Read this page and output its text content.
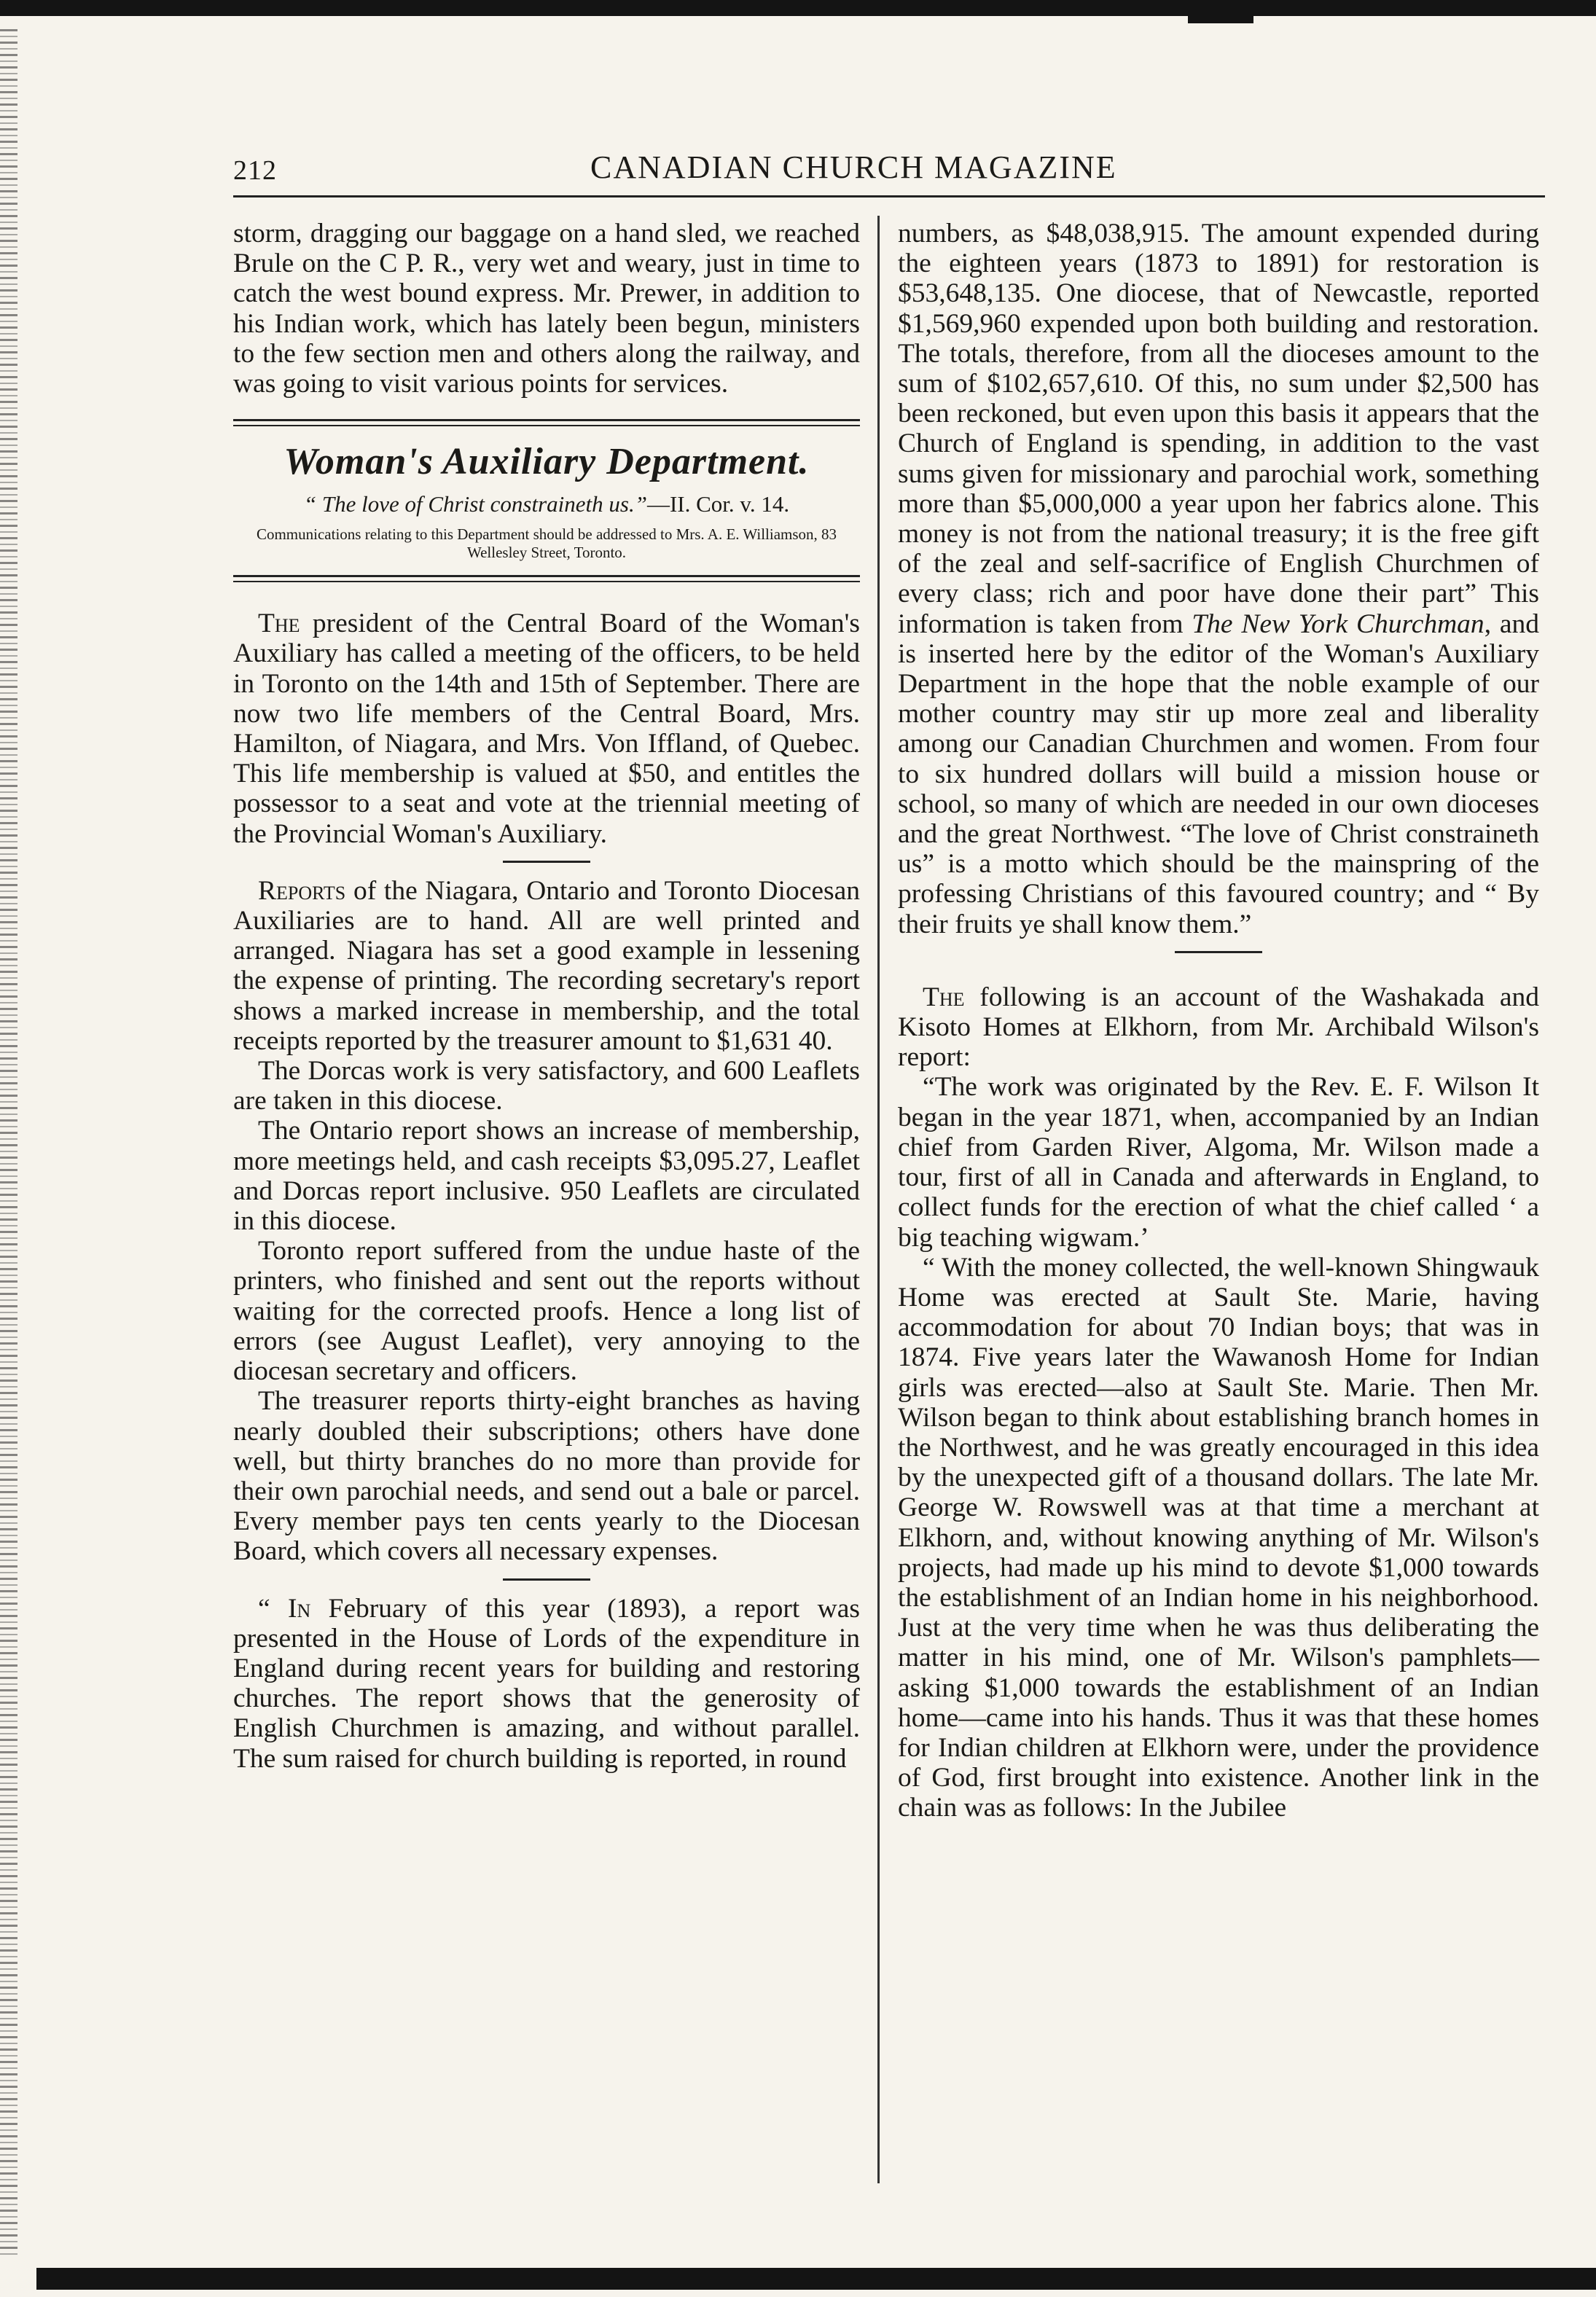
212	CANADIAN CHURCH MAGAZINE

storm, dragging our baggage on a hand sled, we reached Brule on the C P. R., very wet and weary, just in time to catch the west bound express. Mr. Prewer, in addition to his Indian work, which has lately been begun, ministers to the few section men and others along the railway, and was going to visit various points for services.

Woman's Auxiliary Department.
“ The love of Christ constraineth us.”—II. Cor. v. 14.
Communications relating to this Department should be addressed to Mrs. A. E. Williamson, 83 Wellesley Street, Toronto.

The president of the Central Board of the Woman's Auxiliary has called a meeting of the officers, to be held in Toronto on the 14th and 15th of September. There are now two life members of the Central Board, Mrs. Hamilton, of Niagara, and Mrs. Von Iffland, of Quebec. This life membership is valued at $50, and entitles the possessor to a seat and vote at the triennial meeting of the Provincial Woman's Auxiliary.

Reports of the Niagara, Ontario and Toronto Diocesan Auxiliaries are to hand. All are well printed and arranged. Niagara has set a good example in lessening the expense of printing. The recording secretary's report shows a marked increase in membership, and the total receipts reported by the treasurer amount to $1,631 40.

The Dorcas work is very satisfactory, and 600 Leaflets are taken in this diocese.

The Ontario report shows an increase of membership, more meetings held, and cash receipts $3,095.27, Leaflet and Dorcas report inclusive. 950 Leaflets are circulated in this diocese.

Toronto report suffered from the undue haste of the printers, who finished and sent out the reports without waiting for the corrected proofs. Hence a long list of errors (see August Leaflet), very annoying to the diocesan secretary and officers.

The treasurer reports thirty-eight branches as having nearly doubled their subscriptions; others have done well, but thirty branches do no more than provide for their own parochial needs, and send out a bale or parcel. Every member pays ten cents yearly to the Diocesan Board, which covers all necessary expenses.

“ In February of this year (1893), a report was presented in the House of Lords of the expenditure in England during recent years for building and restoring churches. The report shows that the generosity of English Churchmen is amazing, and without parallel. The sum raised for church building is reported, in round

numbers, as $48,038,915. The amount expended during the eighteen years (1873 to 1891) for restoration is $53,648,135. One diocese, that of Newcastle, reported $1,569,960 expended upon both building and restoration. The totals, therefore, from all the dioceses amount to the sum of $102,657,610. Of this, no sum under $2,500 has been reckoned, but even upon this basis it appears that the Church of England is spending, in addition to the vast sums given for missionary and parochial work, something more than $5,000,000 a year upon her fabrics alone. This money is not from the national treasury; it is the free gift of the zeal and self-sacrifice of English Churchmen of every class; rich and poor have done their part” This information is taken from The New York Churchman, and is inserted here by the editor of the Woman's Auxiliary Department in the hope that the noble example of our mother country may stir up more zeal and liberality among our Canadian Churchmen and women. From four to six hundred dollars will build a mission house or school, so many of which are needed in our own dioceses and the great Northwest. “The love of Christ constraineth us” is a motto which should be the mainspring of the professing Christians of this favoured country; and “ By their fruits ye shall know them.”

The following is an account of the Washakada and Kisoto Homes at Elkhorn, from Mr. Archibald Wilson's report:

“The work was originated by the Rev. E. F. Wilson It began in the year 1871, when, accompanied by an Indian chief from Garden River, Algoma, Mr. Wilson made a tour, first of all in Canada and afterwards in England, to collect funds for the erection of what the chief called ‘ a big teaching wigwam.’

“ With the money collected, the well-known Shingwauk Home was erected at Sault Ste. Marie, having accommodation for about 70 Indian boys; that was in 1874. Five years later the Wawanosh Home for Indian girls was erected—also at Sault Ste. Marie. Then Mr. Wilson began to think about establishing branch homes in the Northwest, and he was greatly encouraged in this idea by the unexpected gift of a thousand dollars. The late Mr. George W. Rowswell was at that time a merchant at Elkhorn, and, without knowing anything of Mr. Wilson's projects, had made up his mind to devote $1,000 towards the establishment of an Indian home in his neighborhood. Just at the very time when he was thus deliberating the matter in his mind, one of Mr. Wilson's pamphlets—asking $1,000 towards the establishment of an Indian home—came into his hands. Thus it was that these homes for Indian children at Elkhorn were, under the providence of God, first brought into existence. Another link in the chain was as follows: In the Jubilee
